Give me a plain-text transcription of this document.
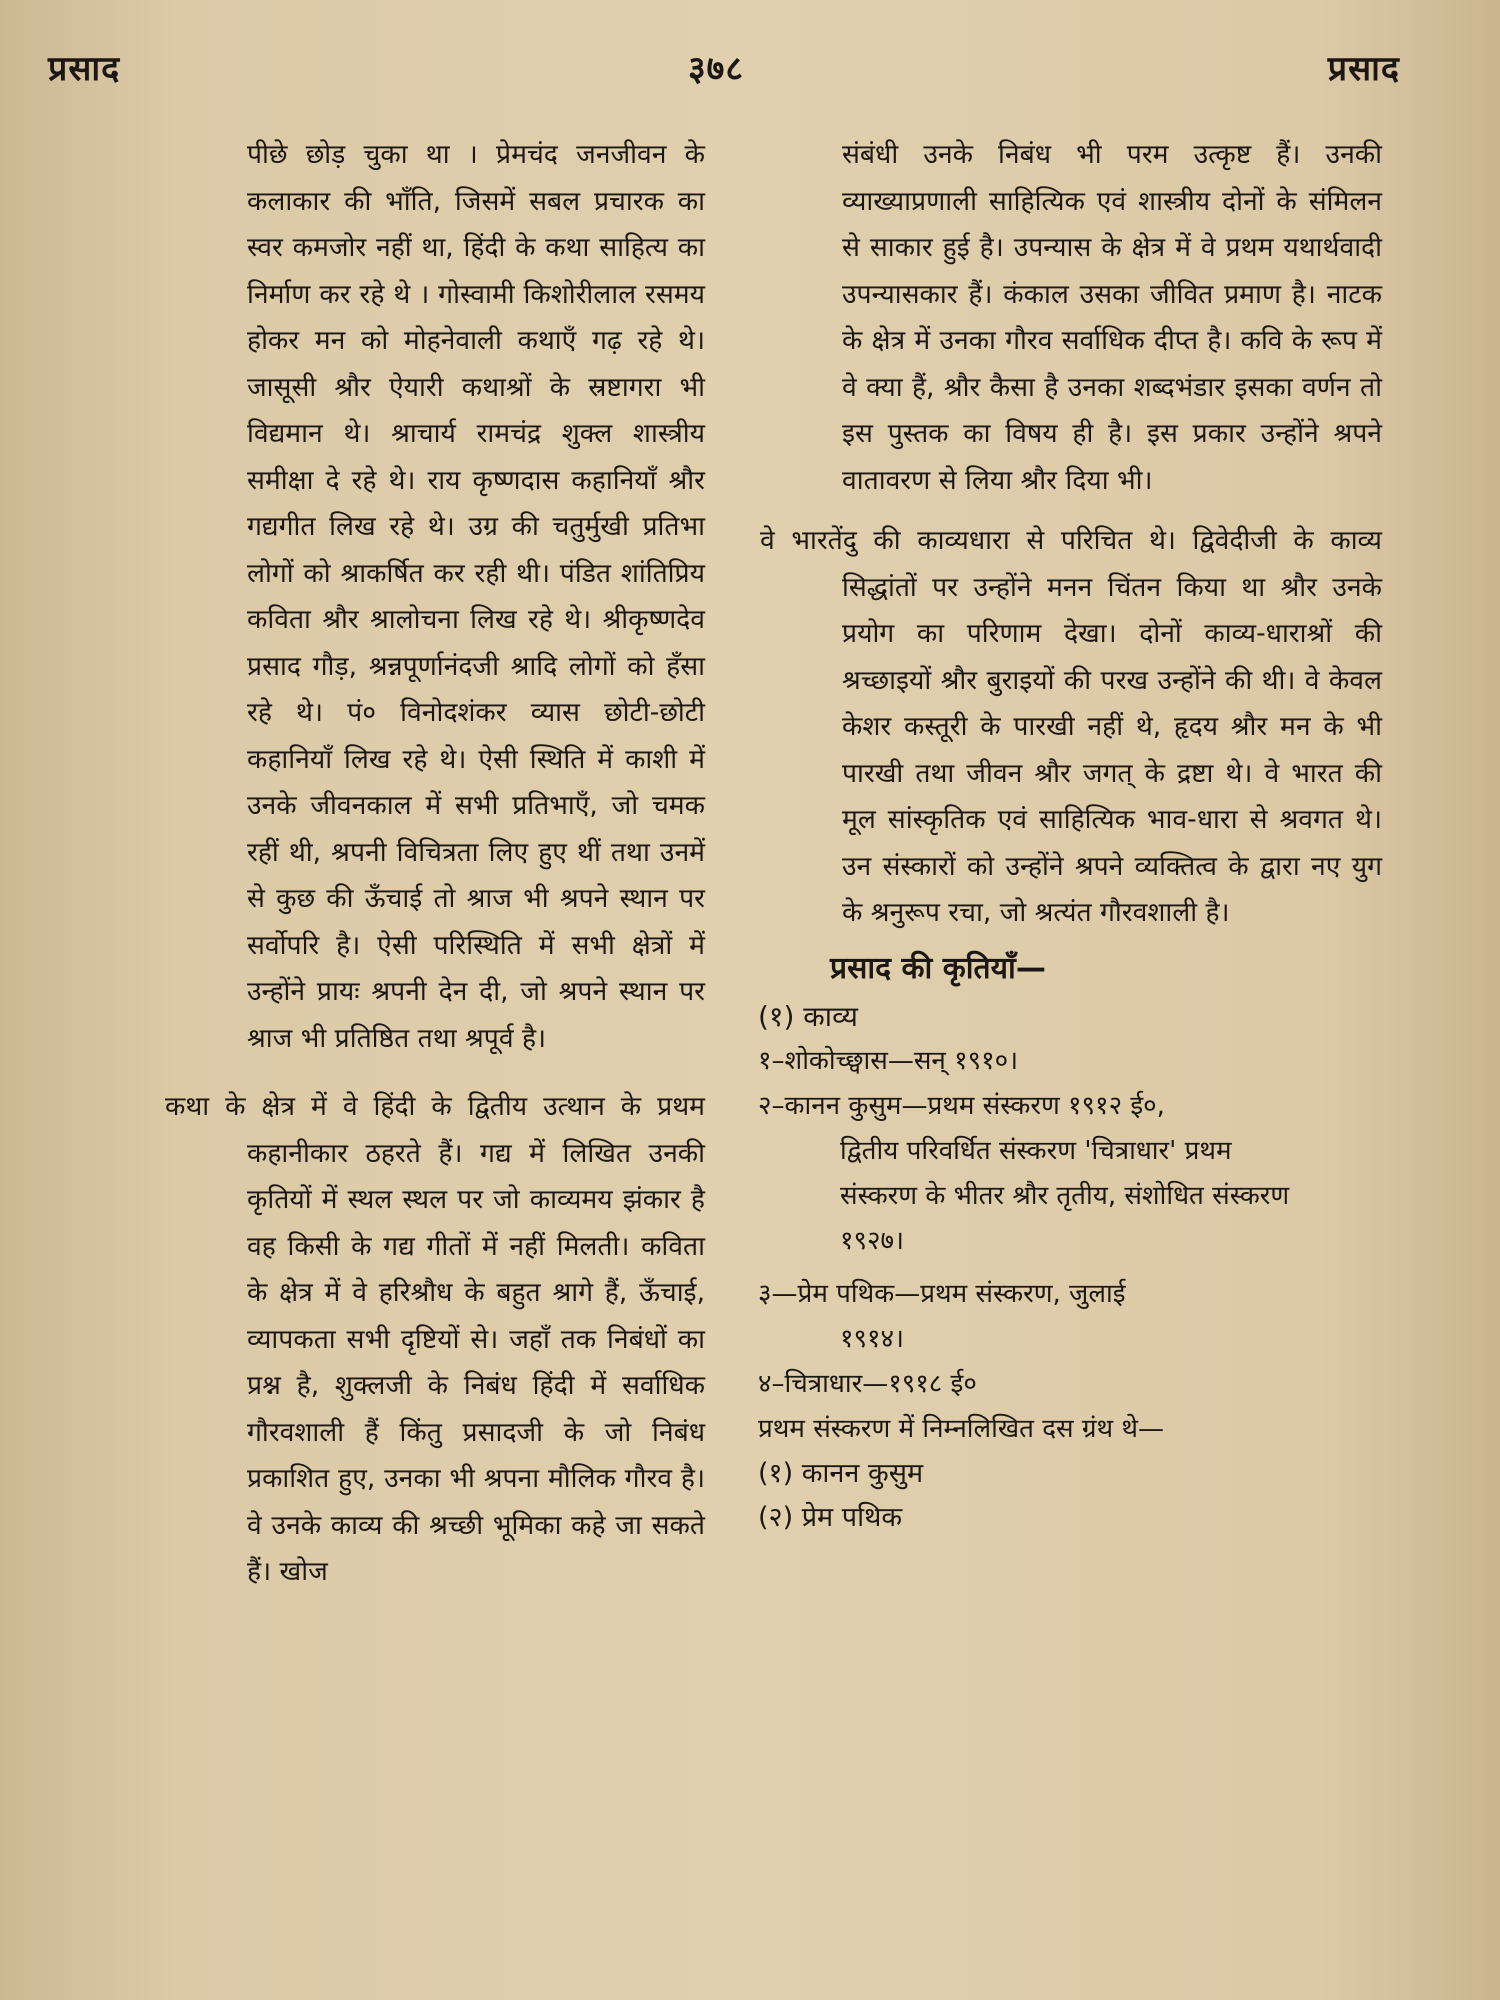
प्रसाद	३७८	प्रसाद

पीछे छोड़ चुका था । प्रेमचंद जनजीवन के कलाकार की भाँति, जिसमें सबल प्रचारक का स्वर कमजोर नहीं था, हिंदी के कथा साहित्य का निर्माण कर रहे थे । गोस्वामी किशोरीलाल रसमय होकर मन को मोहनेवाली कथाएँ गढ़ रहे थे। जासूसी श्रौर ऐयारी कथाश्रों के स्रष्टागरा भी विद्यमान थे। श्राचार्य रामचंद्र शुक्ल शास्त्रीय समीक्षा दे रहे थे। राय कृष्णदास कहानियाँ श्रौर गद्यगीत लिख रहे थे। उग्र की चतुर्मुखी प्रतिभा लोगों को श्राकर्षित कर रही थी। पंडित शांतिप्रिय कविता श्रौर श्रालोचना लिख रहे थे। श्रीकृष्णदेव प्रसाद गौड़, श्रन्नपूर्णानंदजी श्रादि लोगों को हँसा रहे थे। पं० विनोदशंकर व्यास छोटी-छोटी कहानियाँ लिख रहे थे। ऐसी स्थिति में काशी में उनके जीवनकाल में सभी प्रतिभाएँ, जो चमक रहीं थी, श्रपनी विचित्रता लिए हुए थीं तथा उनमें से कुछ की ऊँचाई तो श्राज भी श्रपने स्थान पर सर्वोपरि है। ऐसी परिस्थिति में सभी क्षेत्रों में उन्होंने प्रायः श्रपनी देन दी, जो श्रपने स्थान पर श्राज भी प्रतिष्ठित तथा श्रपूर्व है।

कथा के क्षेत्र में वे हिंदी के द्वितीय उत्थान के प्रथम कहानीकार ठहरते हैं। गद्य में लिखित उनकी कृतियों में स्थल स्थल पर जो काव्यमय झंकार है वह किसी के गद्य गीतों में नहीं मिलती। कविता के क्षेत्र में वे हरिश्रौध के बहुत श्रागे हैं, ऊँचाई, व्यापकता सभी दृष्टियों से। जहाँ तक निबंधों का प्रश्न है, शुक्लजी के निबंध हिंदी में सर्वाधिक गौरवशाली हैं किंतु प्रसादजी के जो निबंध प्रकाशित हुए, उनका भी श्रपना मौलिक गौरव है। वे उनके काव्य की श्रच्छी भूमिका कहे जा सकते हैं। खोज

संबंधी उनके निबंध भी परम उत्कृष्ट हैं। उनकी व्याख्याप्रणाली साहित्यिक एवं शास्त्रीय दोनों के संमिलन से साकार हुई है। उपन्यास के क्षेत्र में वे प्रथम यथार्थवादी उपन्यासकार हैं। कंकाल उसका जीवित प्रमाण है। नाटक के क्षेत्र में उनका गौरव सर्वाधिक दीप्त है। कवि के रूप में वे क्या हैं, श्रौर कैसा है उनका शब्दभंडार इसका वर्णन तो इस पुस्तक का विषय ही है। इस प्रकार उन्होंने श्रपने वातावरण से लिया श्रौर दिया भी।

वे भारतेंदु की काव्यधारा से परिचित थे। द्विवेदीजी के काव्य सिद्धांतों पर उन्होंने मनन चिंतन किया था श्रौर उनके प्रयोग का परिणाम देखा। दोनों काव्य-धाराश्रों की श्रच्छाइयों श्रौर बुराइयों की परख उन्होंने की थी। वे केवल केशर कस्तूरी के पारखी नहीं थे, हृदय श्रौर मन के भी पारखी तथा जीवन श्रौर जगत् के द्रष्टा थे। वे भारत की मूल सांस्कृतिक एवं साहित्यिक भाव-धारा से श्रवगत थे। उन संस्कारों को उन्होंने श्रपने व्यक्तित्व के द्वारा नए युग के श्रनुरूप रचा, जो श्रत्यंत गौरवशाली है।

प्रसाद की कृतियाँ—

(१) काव्य

१–शोकोच्छ्वास—सन् १९१०।
२–कानन कुसुम—प्रथम संस्करण १९१२ ई०,
द्वितीय परिवर्धित संस्करण 'चित्राधार' प्रथम संस्करण के भीतर श्रौर तृतीय, संशोधित संस्करण १९२७।
३—प्रेम पथिक—प्रथम संस्करण, जुलाई
१९१४।
४–चित्राधार—१९१८ ई०
प्रथम संस्करण में निम्नलिखित दस ग्रंथ थे—
(१) कानन कुसुम
(२) प्रेम पथिक
